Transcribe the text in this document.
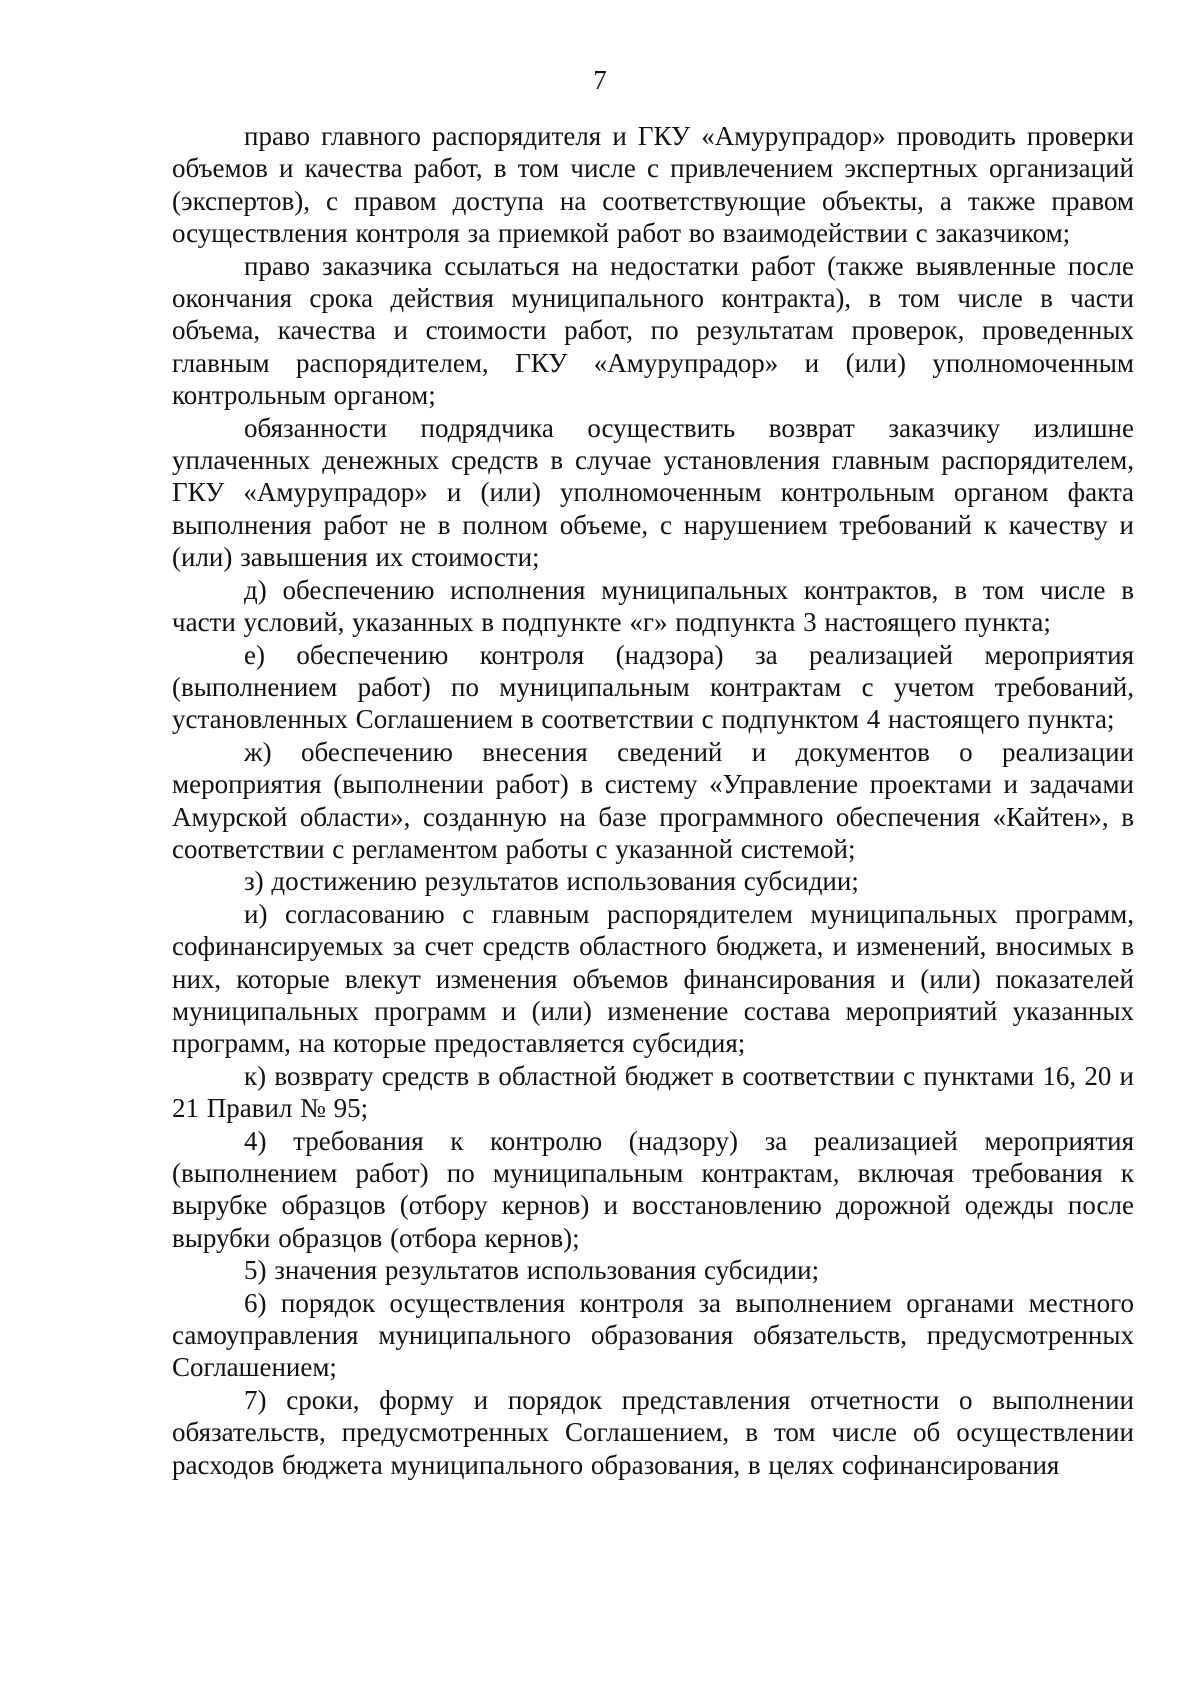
7

право главного распорядителя и ГКУ «Амурупрадор» проводить проверки объемов и качества работ, в том числе с привлечением экспертных организаций (экспертов), с правом доступа на соответствующие объекты, а также правом осуществления контроля за приемкой работ во взаимодействии с заказчиком;

право заказчика ссылаться на недостатки работ (также выявленные после окончания срока действия муниципального контракта), в том числе в части объема, качества и стоимости работ, по результатам проверок, проведенных главным распорядителем, ГКУ «Амурупрадор» и (или) уполномоченным контрольным органом;

обязанности подрядчика осуществить возврат заказчику излишне уплаченных денежных средств в случае установления главным распорядителем, ГКУ «Амурупрадор» и (или) уполномоченным контрольным органом факта выполнения работ не в полном объеме, с нарушением требований к качеству и (или) завышения их стоимости;

д) обеспечению исполнения муниципальных контрактов, в том числе в части условий, указанных в подпункте «г» подпункта 3 настоящего пункта;

е) обеспечению контроля (надзора) за реализацией мероприятия (выполнением работ) по муниципальным контрактам с учетом требований, установленных Соглашением в соответствии с подпунктом 4 настоящего пункта;

ж) обеспечению внесения сведений и документов о реализации мероприятия (выполнении работ) в систему «Управление проектами и задачами Амурской области», созданную на базе программного обеспечения «Кайтен», в соответствии с регламентом работы с указанной системой;

з) достижению результатов использования субсидии;

и) согласованию с главным распорядителем муниципальных программ, софинансируемых за счет средств областного бюджета, и изменений, вносимых в них, которые влекут изменения объемов финансирования и (или) показателей муниципальных программ и (или) изменение состава мероприятий указанных программ, на которые предоставляется субсидия;

к) возврату средств в областной бюджет в соответствии с пунктами 16, 20 и 21 Правил № 95;

4) требования к контролю (надзору) за реализацией мероприятия (выполнением работ) по муниципальным контрактам, включая требования к вырубке образцов (отбору кернов) и восстановлению дорожной одежды после вырубки образцов (отбора кернов);

5) значения результатов использования субсидии;

6) порядок осуществления контроля за выполнением органами местного самоуправления муниципального образования обязательств, предусмотренных Соглашением;

7) сроки, форму и порядок представления отчетности о выполнении обязательств, предусмотренных Соглашением, в том числе об осуществлении расходов бюджета муниципального образования, в целях софинансирования
